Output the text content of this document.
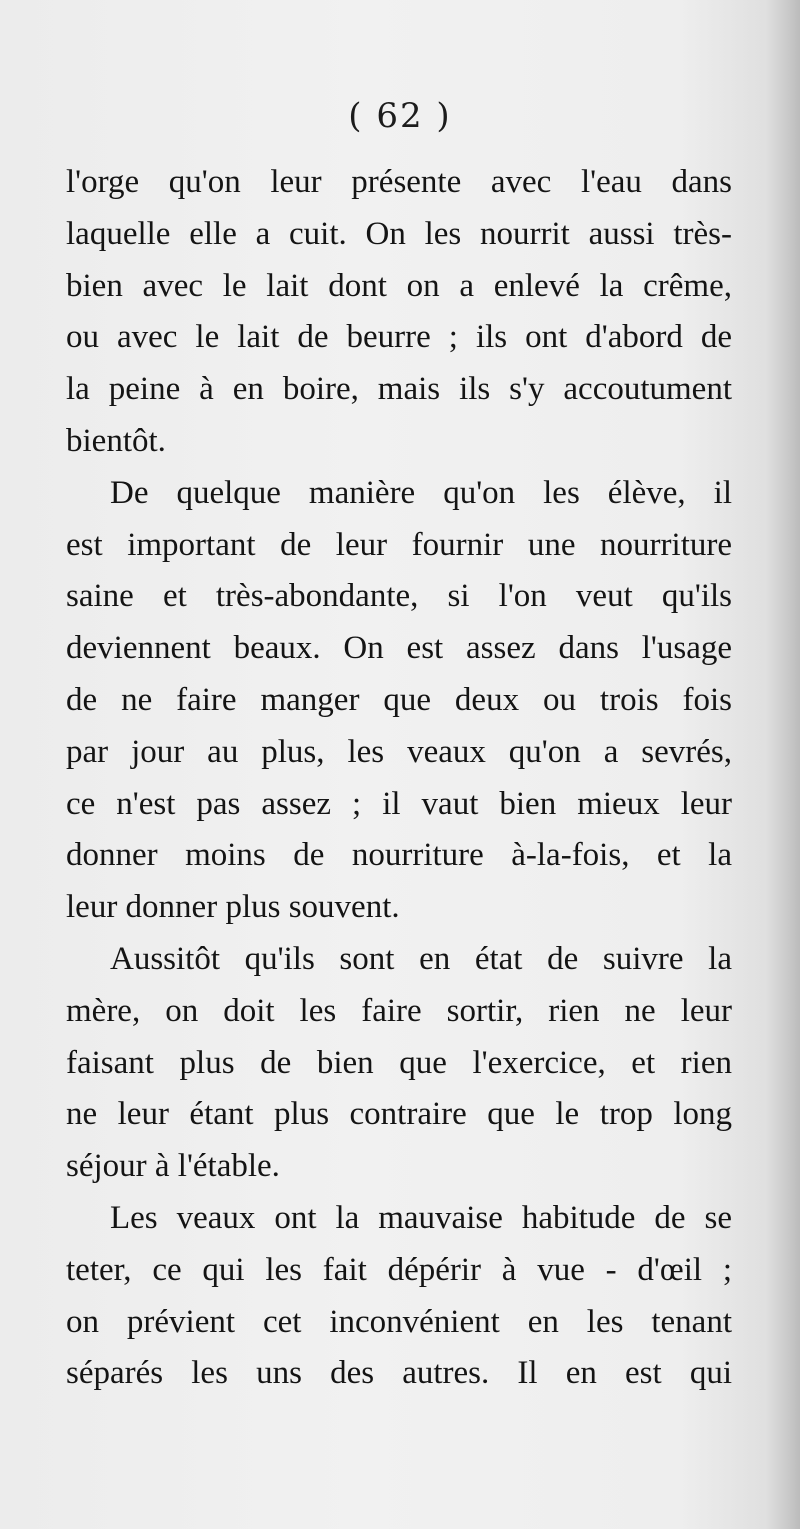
( 62 )

l'orge qu'on leur présente avec l'eau dans
laquelle elle a cuit. On les nourrit aussi très-
bien avec le lait dont on a enlevé la crême,
ou avec le lait de beurre ; ils ont d'abord de
la peine à en boire, mais ils s'y accoutument
bientôt.
De quelque manière qu'on les élève, il
est important de leur fournir une nourriture
saine et très-abondante, si l'on veut qu'ils
deviennent beaux. On est assez dans l'usage
de ne faire manger que deux ou trois fois
par jour au plus, les veaux qu'on a sevrés,
ce n'est pas assez ; il vaut bien mieux leur
donner moins de nourriture à-la-fois, et la
leur donner plus souvent.
Aussitôt qu'ils sont en état de suivre la
mère, on doit les faire sortir, rien ne leur
faisant plus de bien que l'exercice, et rien
ne leur étant plus contraire que le trop long
séjour à l'étable.
Les veaux ont la mauvaise habitude de se
teter, ce qui les fait dépérir à vue - d'œil ;
on prévient cet inconvénient en les tenant
séparés les uns des autres. Il en est qui
